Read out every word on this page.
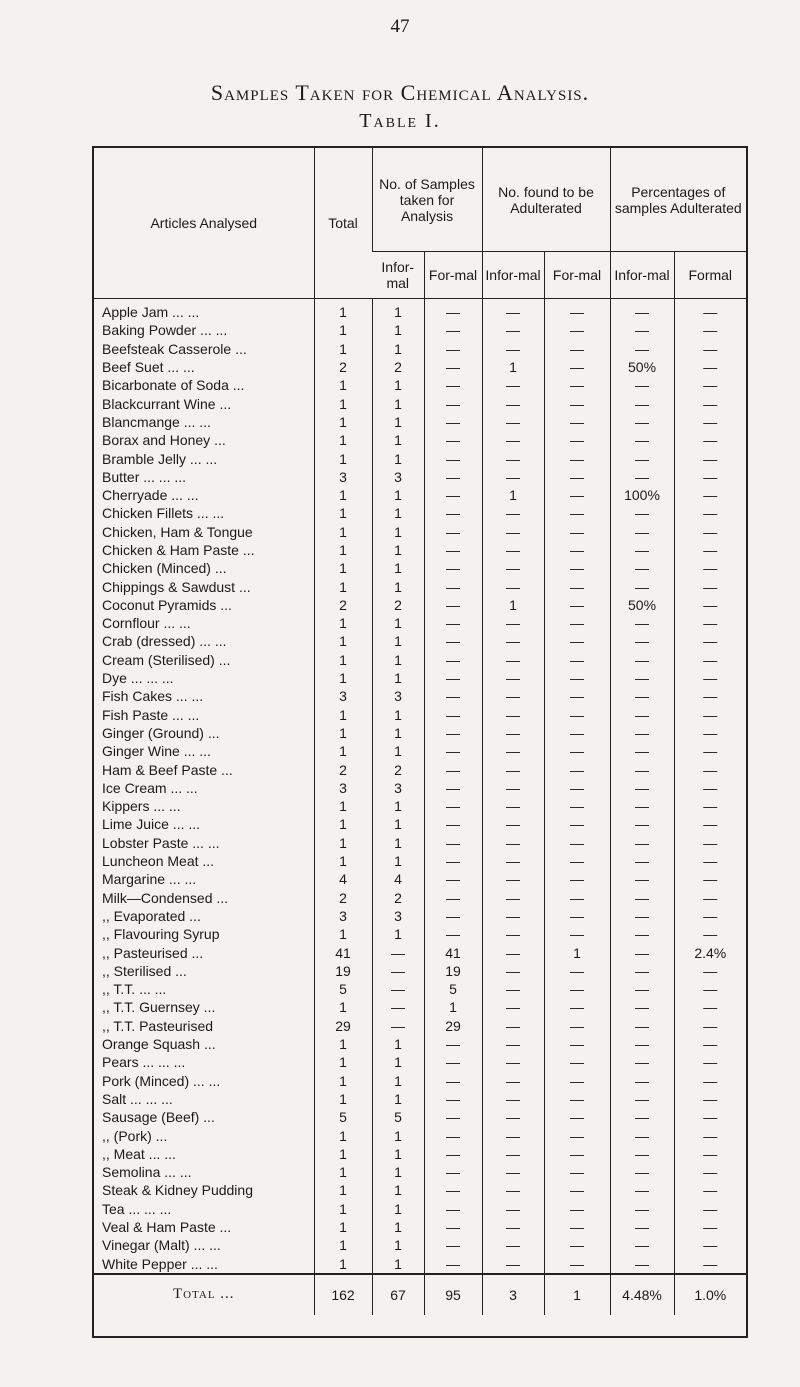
47
Samples Taken for Chemical Analysis.
Table I.
Articles Analysed	Total	No. of Samples taken for Analysis		No. found to be Adulterated		Percentages of samples Adulterated	
		Infor-mal	For-mal	Infor-mal	For-mal	Infor-mal	Formal
Apple Jam ... ...	1	1	—	—	—	—	—
Baking Powder ... ...	1	1	—	—	—	—	—
Beefsteak Casserole ...	1	1	—	—	—	—	—
Beef Suet ... ...	2	2	—	1	—	50%	—
Bicarbonate of Soda ...	1	1	—	—	—	—	—
Blackcurrant Wine ...	1	1	—	—	—	—	—
Blancmange ... ...	1	1	—	—	—	—	—
Borax and Honey ...	1	1	—	—	—	—	—
Bramble Jelly ... ...	1	1	—	—	—	—	—
Butter ... ... ...	3	3	—	—	—	—	—
Cherryade ... ...	1	1	—	1	—	100%	—
Chicken Fillets ... ...	1	1	—	—	—	—	—
Chicken, Ham & Tongue	1	1	—	—	—	—	—
Chicken & Ham Paste ...	1	1	—	—	—	—	—
Chicken (Minced) ...	1	1	—	—	—	—	—
Chippings & Sawdust ...	1	1	—	—	—	—	—
Coconut Pyramids ...	2	2	—	1	—	50%	—
Cornflour ... ...	1	1	—	—	—	—	—
Crab (dressed) ... ...	1	1	—	—	—	—	—
Cream (Sterilised) ...	1	1	—	—	—	—	—
Dye ... ... ...	1	1	—	—	—	—	—
Fish Cakes ... ...	3	3	—	—	—	—	—
Fish Paste ... ...	1	1	—	—	—	—	—
Ginger (Ground) ...	1	1	—	—	—	—	—
Ginger Wine ... ...	1	1	—	—	—	—	—
Ham & Beef Paste ...	2	2	—	—	—	—	—
Ice Cream ... ...	3	3	—	—	—	—	—
Kippers ... ...	1	1	—	—	—	—	—
Lime Juice ... ...	1	1	—	—	—	—	—
Lobster Paste ... ...	1	1	—	—	—	—	—
Luncheon Meat ...	1	1	—	—	—	—	—
Margarine ... ...	4	4	—	—	—	—	—
Milk—Condensed ...	2	2	—	—	—	—	—
,, Evaporated ...	3	3	—	—	—	—	—
,, Flavouring Syrup	1	1	—	—	—	—	—
,, Pasteurised ...	41	—	41	—	1	—	2.4%
,, Sterilised ...	19	—	19	—	—	—	—
,, T.T. ... ...	5	—	5	—	—	—	—
,, T.T. Guernsey ...	1	—	1	—	—	—	—
,, T.T. Pasteurised	29	—	29	—	—	—	—
Orange Squash ...	1	1	—	—	—	—	—
Pears ... ... ...	1	1	—	—	—	—	—
Pork (Minced) ... ...	1	1	—	—	—	—	—
Salt ... ... ...	1	1	—	—	—	—	—
Sausage (Beef) ...	5	5	—	—	—	—	—
,, (Pork) ...	1	1	—	—	—	—	—
,, Meat ... ...	1	1	—	—	—	—	—
Semolina ... ...	1	1	—	—	—	—	—
Steak & Kidney Pudding	1	1	—	—	—	—	—
Tea ... ... ...	1	1	—	—	—	—	—
Veal & Ham Paste ...	1	1	—	—	—	—	—
Vinegar (Malt) ... ...	1	1	—	—	—	—	—
White Pepper ... ...	1	1	—	—	—	—	—
Total ...	162	67	95	3	1	4.48%	1.0%
